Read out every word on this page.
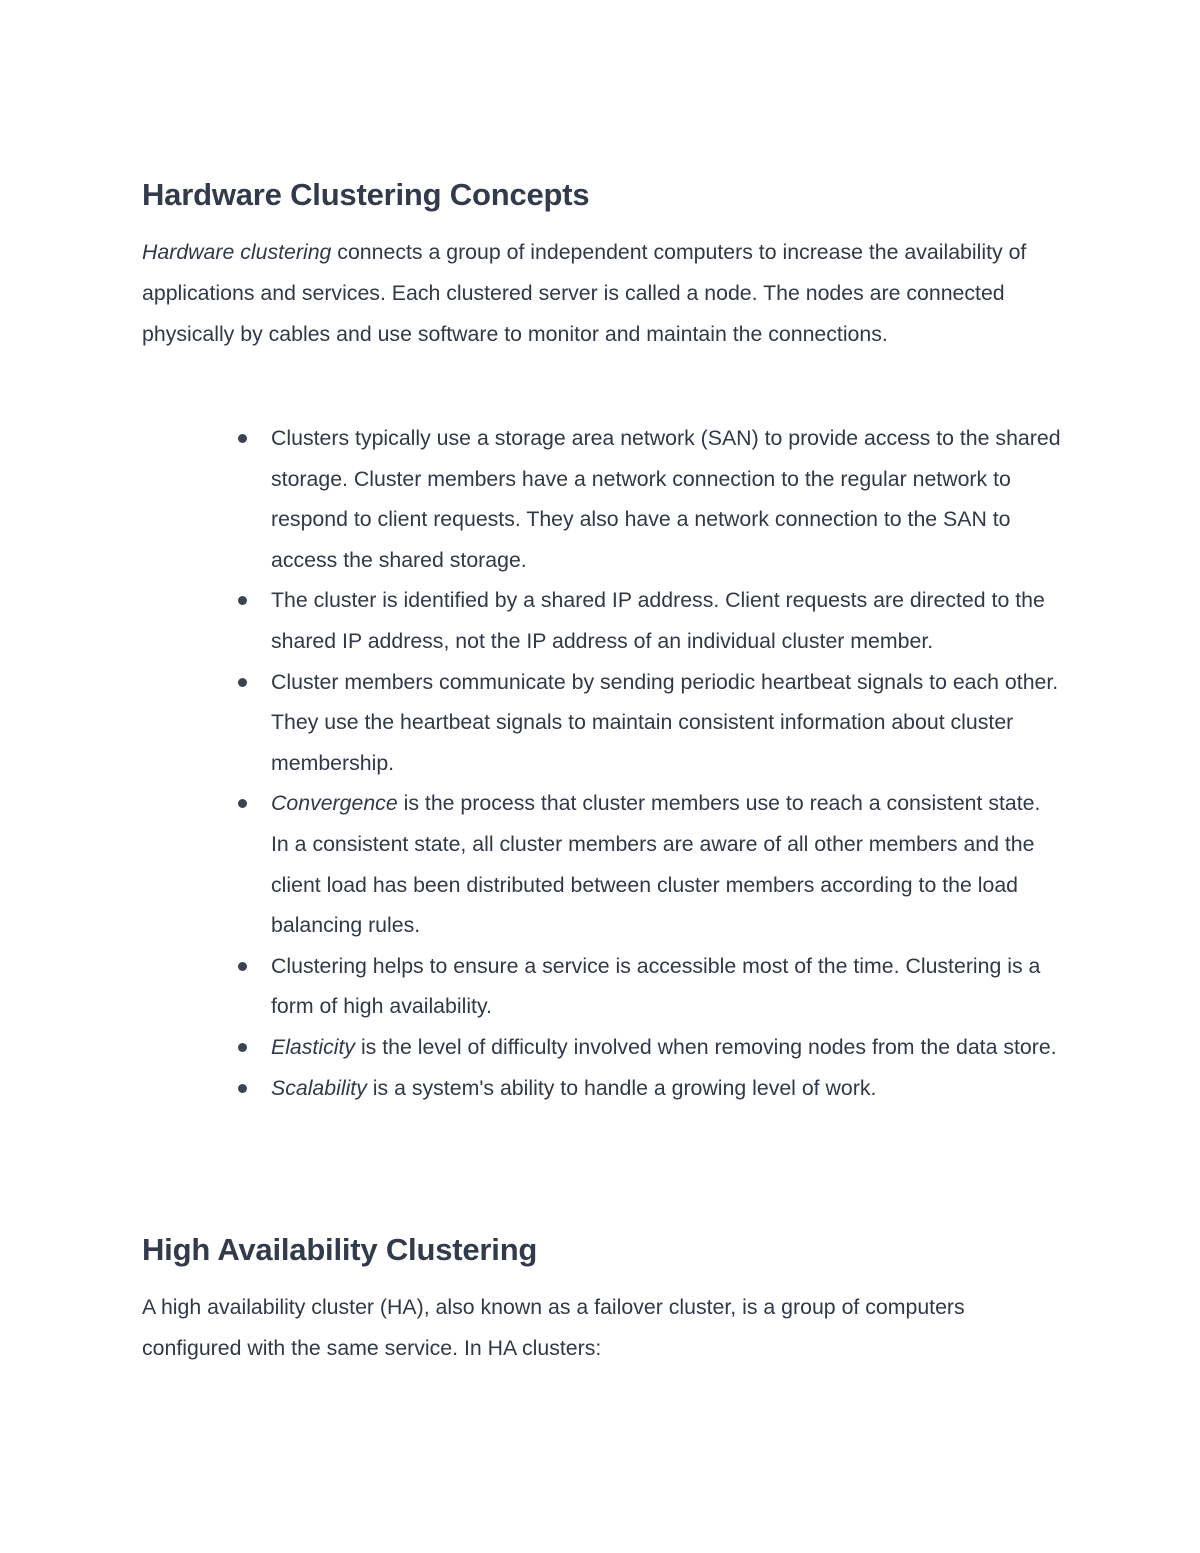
Hardware Clustering Concepts

Hardware clustering connects a group of independent computers to increase the availability of applications and services. Each clustered server is called a node. The nodes are connected physically by cables and use software to monitor and maintain the connections.

Clusters typically use a storage area network (SAN) to provide access to the shared storage. Cluster members have a network connection to the regular network to respond to client requests. They also have a network connection to the SAN to access the shared storage.
The cluster is identified by a shared IP address. Client requests are directed to the shared IP address, not the IP address of an individual cluster member.
Cluster members communicate by sending periodic heartbeat signals to each other. They use the heartbeat signals to maintain consistent information about cluster membership.
Convergence is the process that cluster members use to reach a consistent state. In a consistent state, all cluster members are aware of all other members and the client load has been distributed between cluster members according to the load balancing rules.
Clustering helps to ensure a service is accessible most of the time. Clustering is a form of high availability.
Elasticity is the level of difficulty involved when removing nodes from the data store.
Scalability is a system's ability to handle a growing level of work.
High Availability Clustering

A high availability cluster (HA), also known as a failover cluster, is a group of computers configured with the same service. In HA clusters:
